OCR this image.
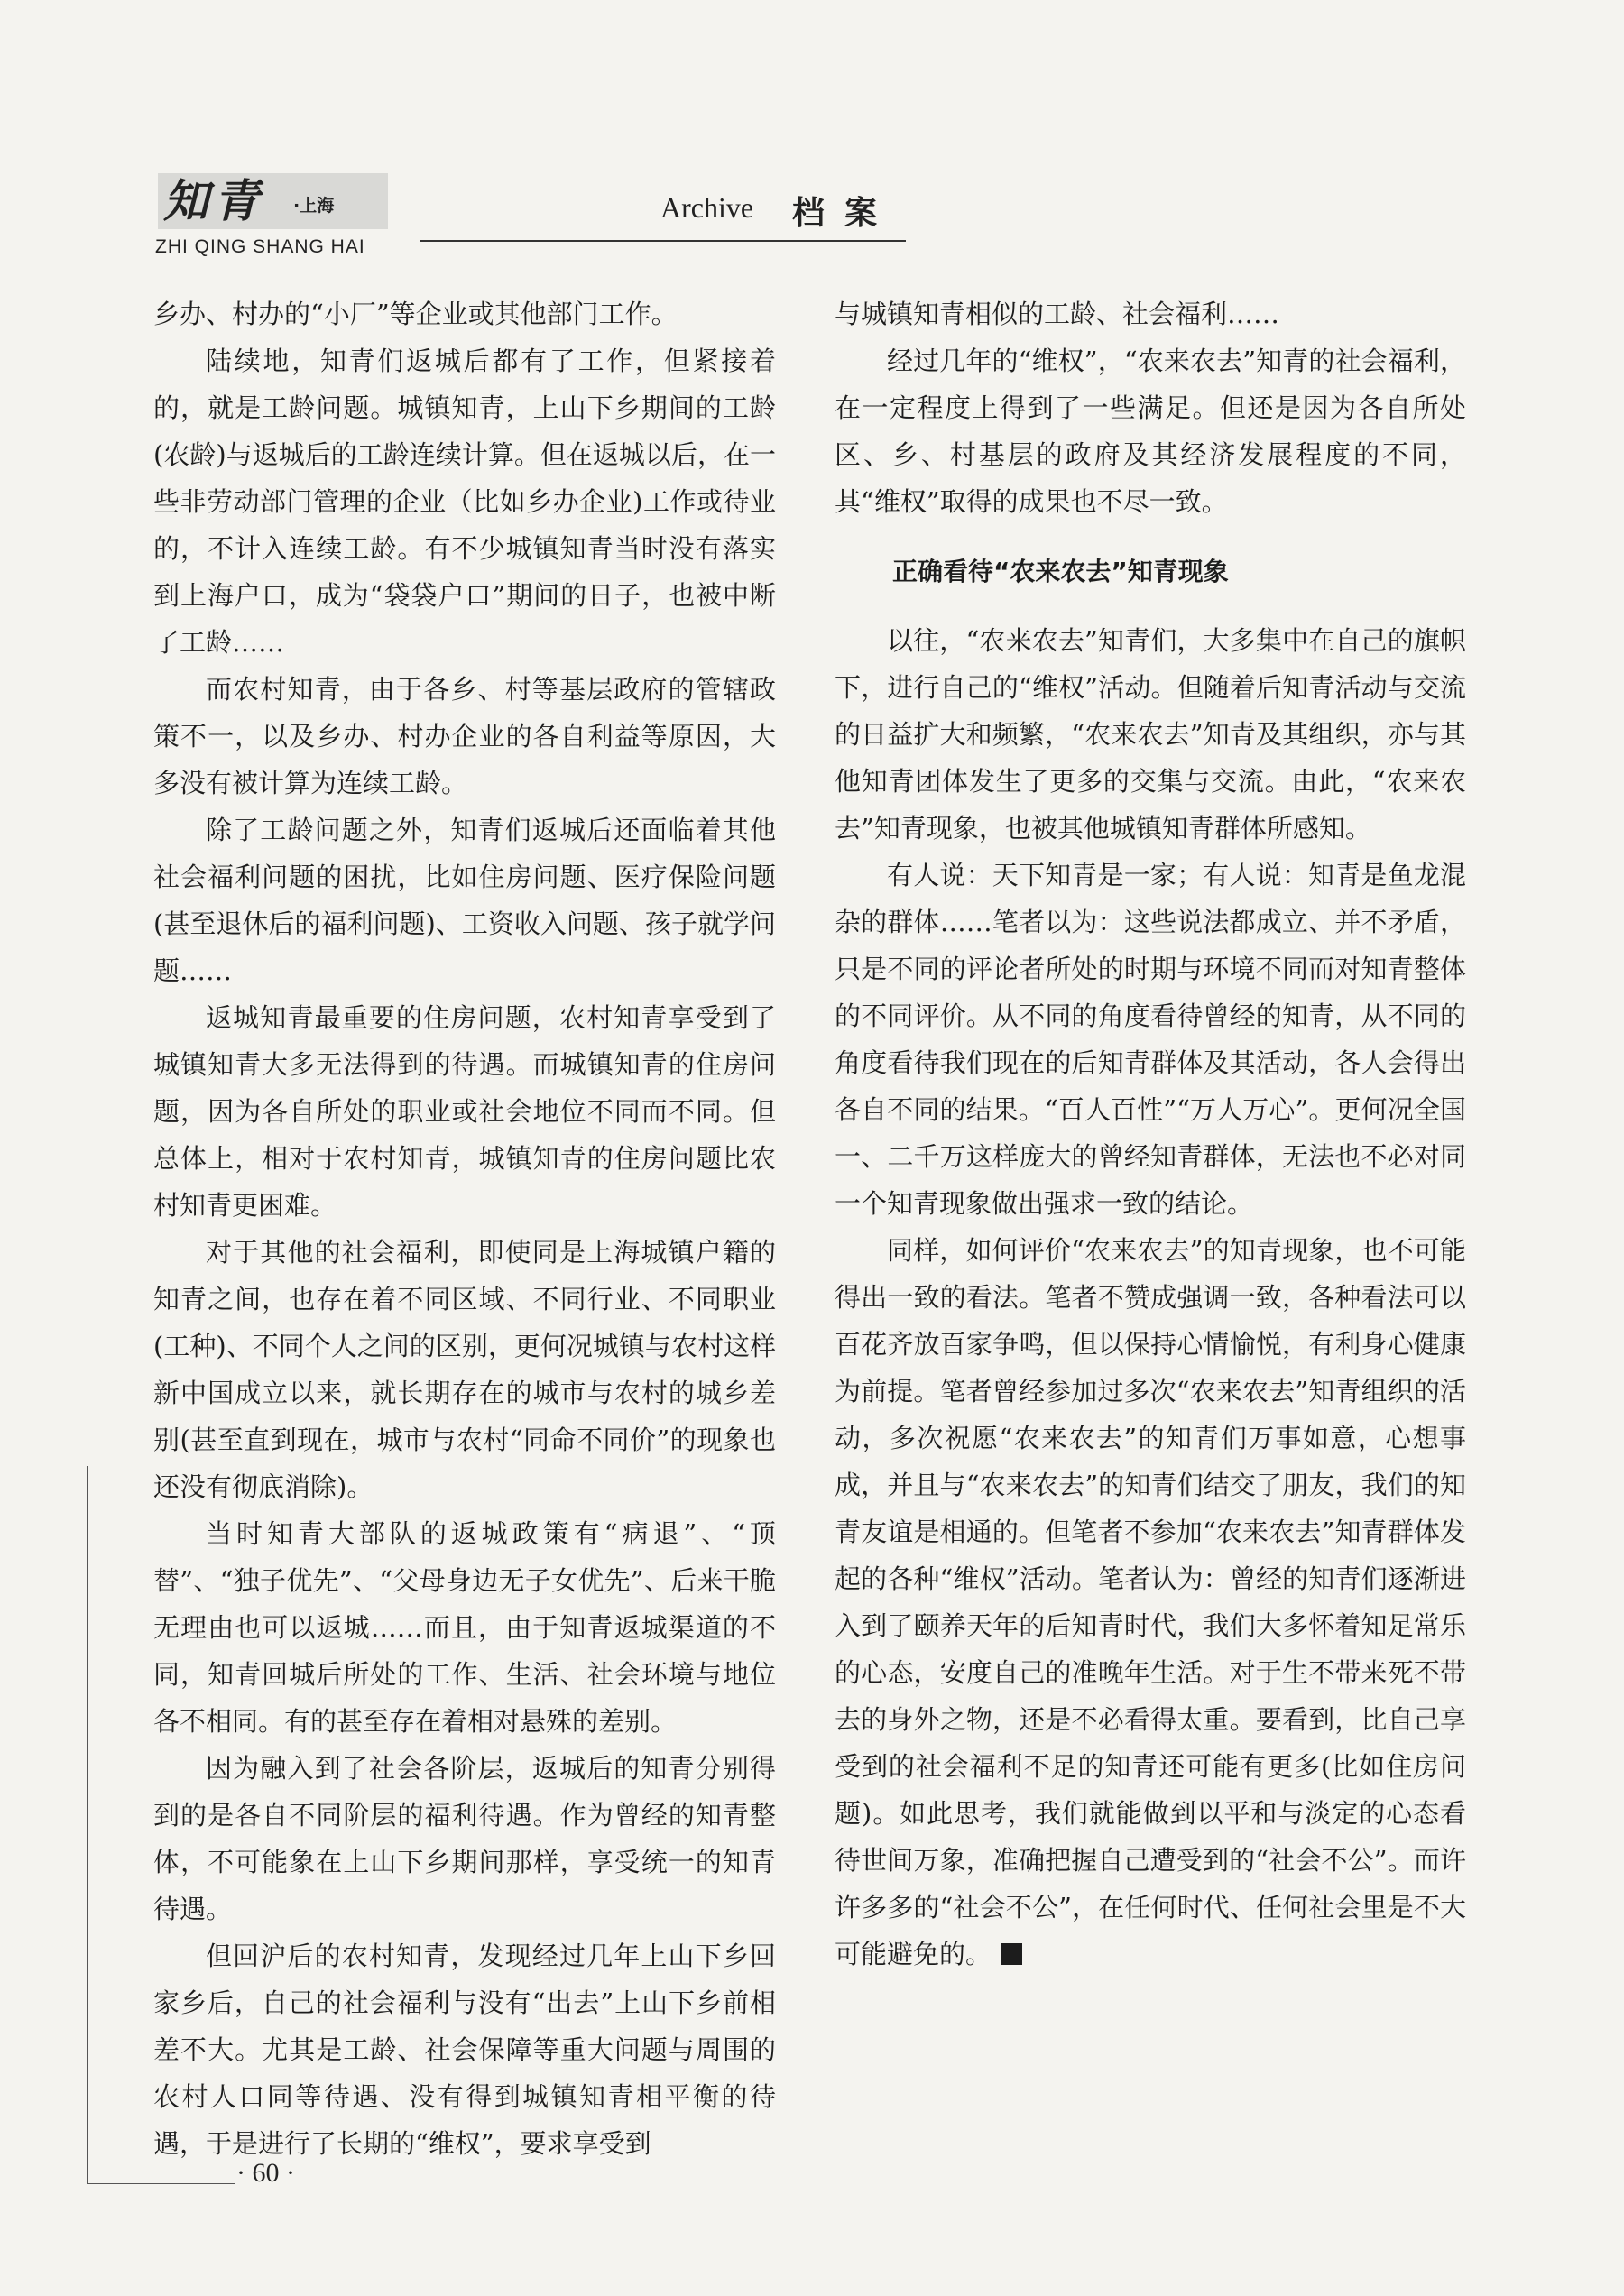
知青 ·上海
ZHI QING SHANG HAI
Archive 档案

乡办、村办的“小厂”等企业或其他部门工作。

陆续地，知青们返城后都有了工作，但紧接着的，就是工龄问题。城镇知青，上山下乡期间的工龄(农龄)与返城后的工龄连续计算。但在返城以后，在一些非劳动部门管理的企业（比如乡办企业)工作或待业的，不计入连续工龄。有不少城镇知青当时没有落实到上海户口，成为“袋袋户口”期间的日子，也被中断了工龄……

而农村知青，由于各乡、村等基层政府的管辖政策不一，以及乡办、村办企业的各自利益等原因，大多没有被计算为连续工龄。

除了工龄问题之外，知青们返城后还面临着其他社会福利问题的困扰，比如住房问题、医疗保险问题(甚至退休后的福利问题)、工资收入问题、孩子就学问题……

返城知青最重要的住房问题，农村知青享受到了城镇知青大多无法得到的待遇。而城镇知青的住房问题，因为各自所处的职业或社会地位不同而不同。但总体上，相对于农村知青，城镇知青的住房问题比农村知青更困难。

对于其他的社会福利，即使同是上海城镇户籍的知青之间，也存在着不同区域、不同行业、不同职业(工种)、不同个人之间的区别，更何况城镇与农村这样新中国成立以来，就长期存在的城市与农村的城乡差别(甚至直到现在，城市与农村“同命不同价”的现象也还没有彻底消除)。

当时知青大部队的返城政策有“病退”、“顶替”、“独子优先”、“父母身边无子女优先”、后来干脆无理由也可以返城……而且，由于知青返城渠道的不同，知青回城后所处的工作、生活、社会环境与地位各不相同。有的甚至存在着相对悬殊的差别。

因为融入到了社会各阶层，返城后的知青分别得到的是各自不同阶层的福利待遇。作为曾经的知青整体，不可能象在上山下乡期间那样，享受统一的知青待遇。

但回沪后的农村知青，发现经过几年上山下乡回家乡后，自己的社会福利与没有“出去”上山下乡前相差不大。尤其是工龄、社会保障等重大问题与周围的农村人口同等待遇、没有得到城镇知青相平衡的待遇，于是进行了长期的“维权”，要求享受到

与城镇知青相似的工龄、社会福利……

经过几年的“维权”，“农来农去”知青的社会福利，在一定程度上得到了一些满足。但还是因为各自所处区、乡、村基层的政府及其经济发展程度的不同，其“维权”取得的成果也不尽一致。

正确看待“农来农去”知青现象

以往，“农来农去”知青们，大多集中在自己的旗帜下，进行自己的“维权”活动。但随着后知青活动与交流的日益扩大和频繁，“农来农去”知青及其组织，亦与其他知青团体发生了更多的交集与交流。由此，“农来农去”知青现象，也被其他城镇知青群体所感知。

有人说：天下知青是一家；有人说：知青是鱼龙混杂的群体……笔者以为：这些说法都成立、并不矛盾，只是不同的评论者所处的时期与环境不同而对知青整体的不同评价。从不同的角度看待曾经的知青，从不同的角度看待我们现在的后知青群体及其活动，各人会得出各自不同的结果。“百人百性”“万人万心”。更何况全国一、二千万这样庞大的曾经知青群体，无法也不必对同一个知青现象做出强求一致的结论。

同样，如何评价“农来农去”的知青现象，也不可能得出一致的看法。笔者不赞成强调一致，各种看法可以百花齐放百家争鸣，但以保持心情愉悦，有利身心健康为前提。笔者曾经参加过多次“农来农去”知青组织的活动，多次祝愿“农来农去”的知青们万事如意，心想事成，并且与“农来农去”的知青们结交了朋友，我们的知青友谊是相通的。但笔者不参加“农来农去”知青群体发起的各种“维权”活动。笔者认为：曾经的知青们逐渐进入到了颐养天年的后知青时代，我们大多怀着知足常乐的心态，安度自己的准晚年生活。对于生不带来死不带去的身外之物，还是不必看得太重。要看到，比自己享受到的社会福利不足的知青还可能有更多(比如住房问题)。如此思考，我们就能做到以平和与淡定的心态看待世间万象，准确把握自己遭受到的“社会不公”。而许许多多的“社会不公”，在任何时代、任何社会里是不大可能避免的。

· 60 ·
